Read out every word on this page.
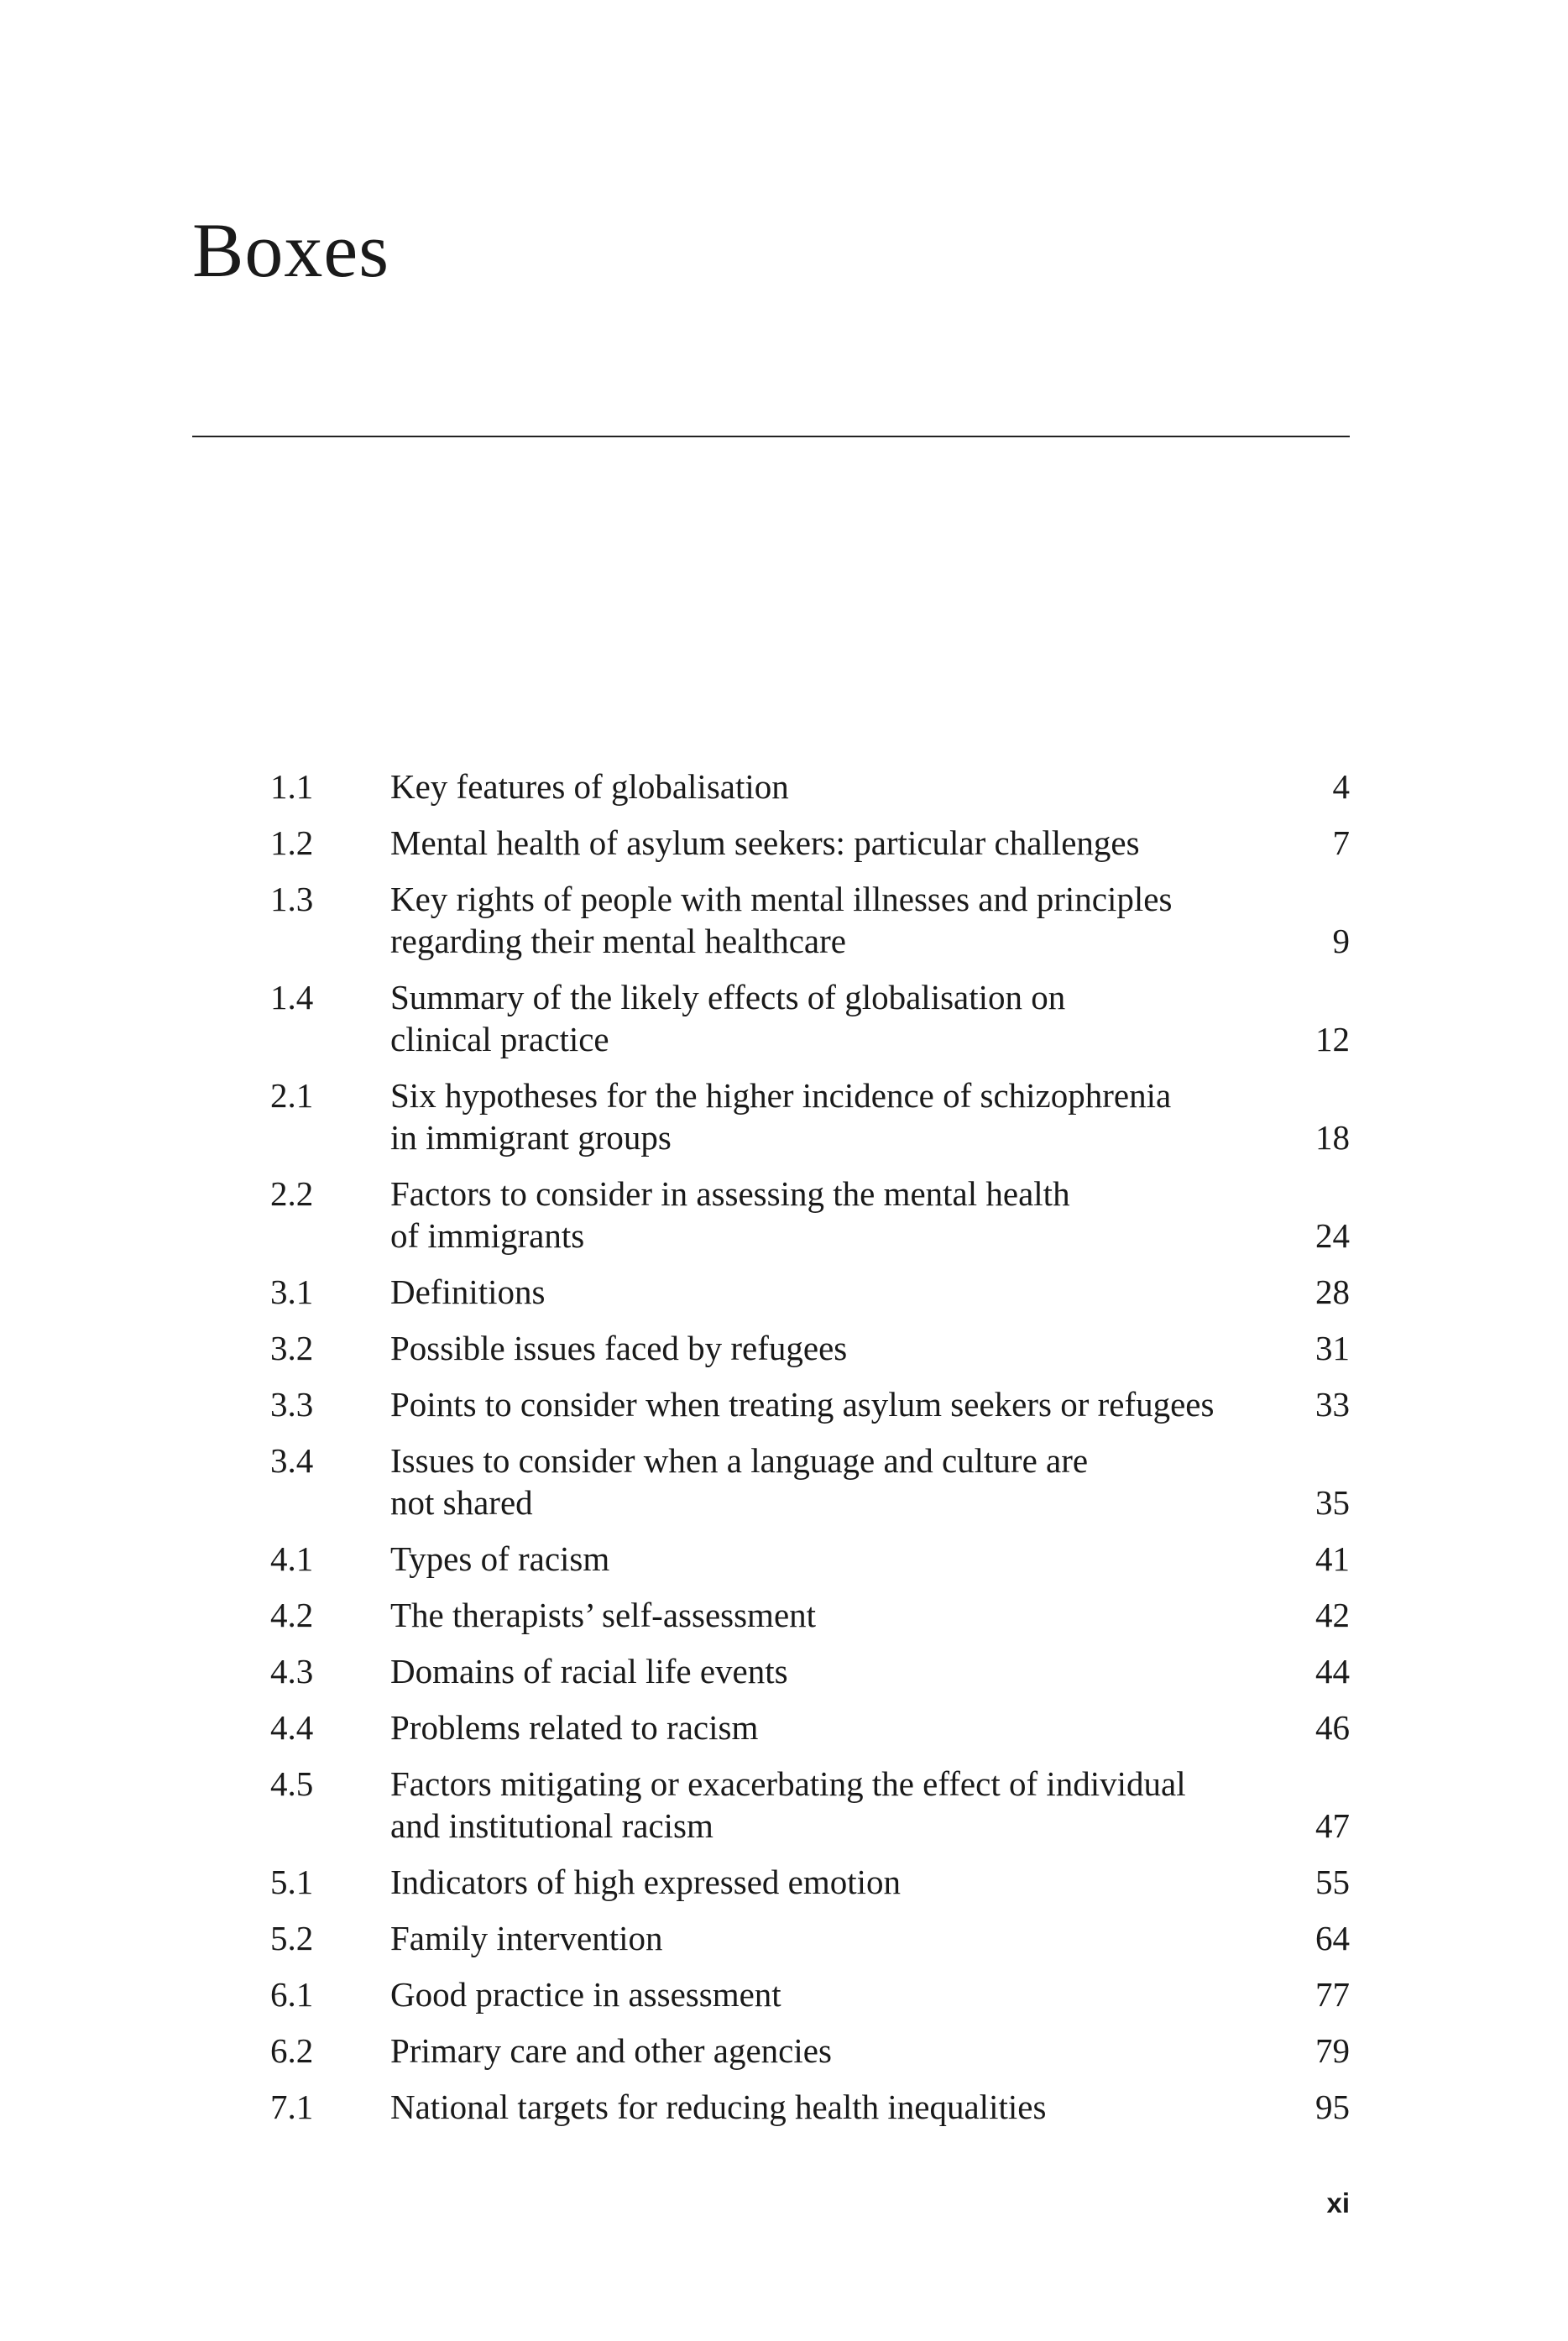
Boxes
1.1	Key features of globalisation	4
1.2	Mental health of asylum seekers: particular challenges	7
1.3	Key rights of people with mental illnesses and principles
regarding their mental healthcare	9
1.4	Summary of the likely effects of globalisation on
clinical practice	12
2.1	Six hypotheses for the higher incidence of schizophrenia
in immigrant groups	18
2.2	Factors to consider in assessing the mental health
of immigrants	24
3.1	Definitions	28
3.2	Possible issues faced by refugees	31
3.3	Points to consider when treating asylum seekers or refugees	33
3.4	Issues to consider when a language and culture are
not shared	35
4.1	Types of racism	41
4.2	The therapists’ self-assessment	42
4.3	Domains of racial life events	44
4.4	Problems related to racism	46
4.5	Factors mitigating or exacerbating the effect of individual
and institutional racism	47
5.1	Indicators of high expressed emotion	55
5.2	Family intervention	64
6.1	Good practice in assessment	77
6.2	Primary care and other agencies	79
7.1	National targets for reducing health inequalities	95
xi
